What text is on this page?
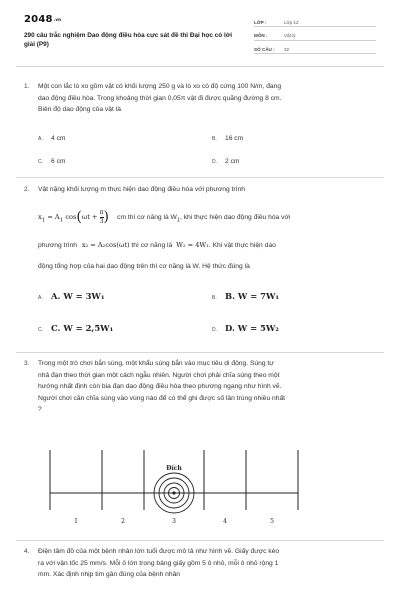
2048.vn
290 câu trắc nghiệm Dao động điều hòa cực sát đề thi Đại học có lời giải (P9)
LỚP :	Lớp 12
MÔN :	Vật lý
SỐ CÂU :	32
1. Một con lắc lò xo gồm vật có khối lượng 250 g và lò xo có độ cứng 100 N/m, đang
dao động điều hòa. Trong khoảng thời gian 0,05π vật đi được quãng đường 8 cm.
Biên độ dao động của vật là
A. 4 cm	B. 16 cm
C. 6 cm	D. 2 cm
2. Vật nặng khối lượng m thực hiện dao động điều hòa với phương trình
$x_1 = A_1$ $\cos(\omega t + \frac{\pi}{3}$ ) cm thì cơ năng là $W_1$, khi thực hiện dao động điều hòa với
phương trình x₂ = A₂cos(ωt) thì cơ năng là W₂ = 4W₁. Khi vật thực hiện dao
động tổng hợp của hai dao động trên thì cơ năng là W. Hệ thức đúng là
A. A. W = 3W₁	B. B. W = 7W₁
C. C. W = 2,5W₁	D. D. W = 5W₂
3. Trong một trò chơi bắn súng, một khẩu súng bắn vào mục tiêu di động. Súng tự
nhả đạn theo thời gian một cách ngẫu nhiên. Người chơi phải chĩa súng theo một
hướng nhất định còn bia đạn dao động điều hòa theo phương ngang như hình vẽ.
Người chơi cần chĩa súng vào vùng nào để có thể ghi được số lần trúng nhiều nhất
?
Đích
1	2	3	4	5
4. Điện tâm đồ của một bệnh nhân lớn tuổi được mô tả như hình vẽ. Giấy được kéo
ra với vận tốc 25 mm/s. Mỗi ô lớn trong bảng giấy gồm 5 ô nhỏ, mỗi ô nhỏ rộng 1
mm. Xác định nhịp tim gần đúng của bệnh nhân
